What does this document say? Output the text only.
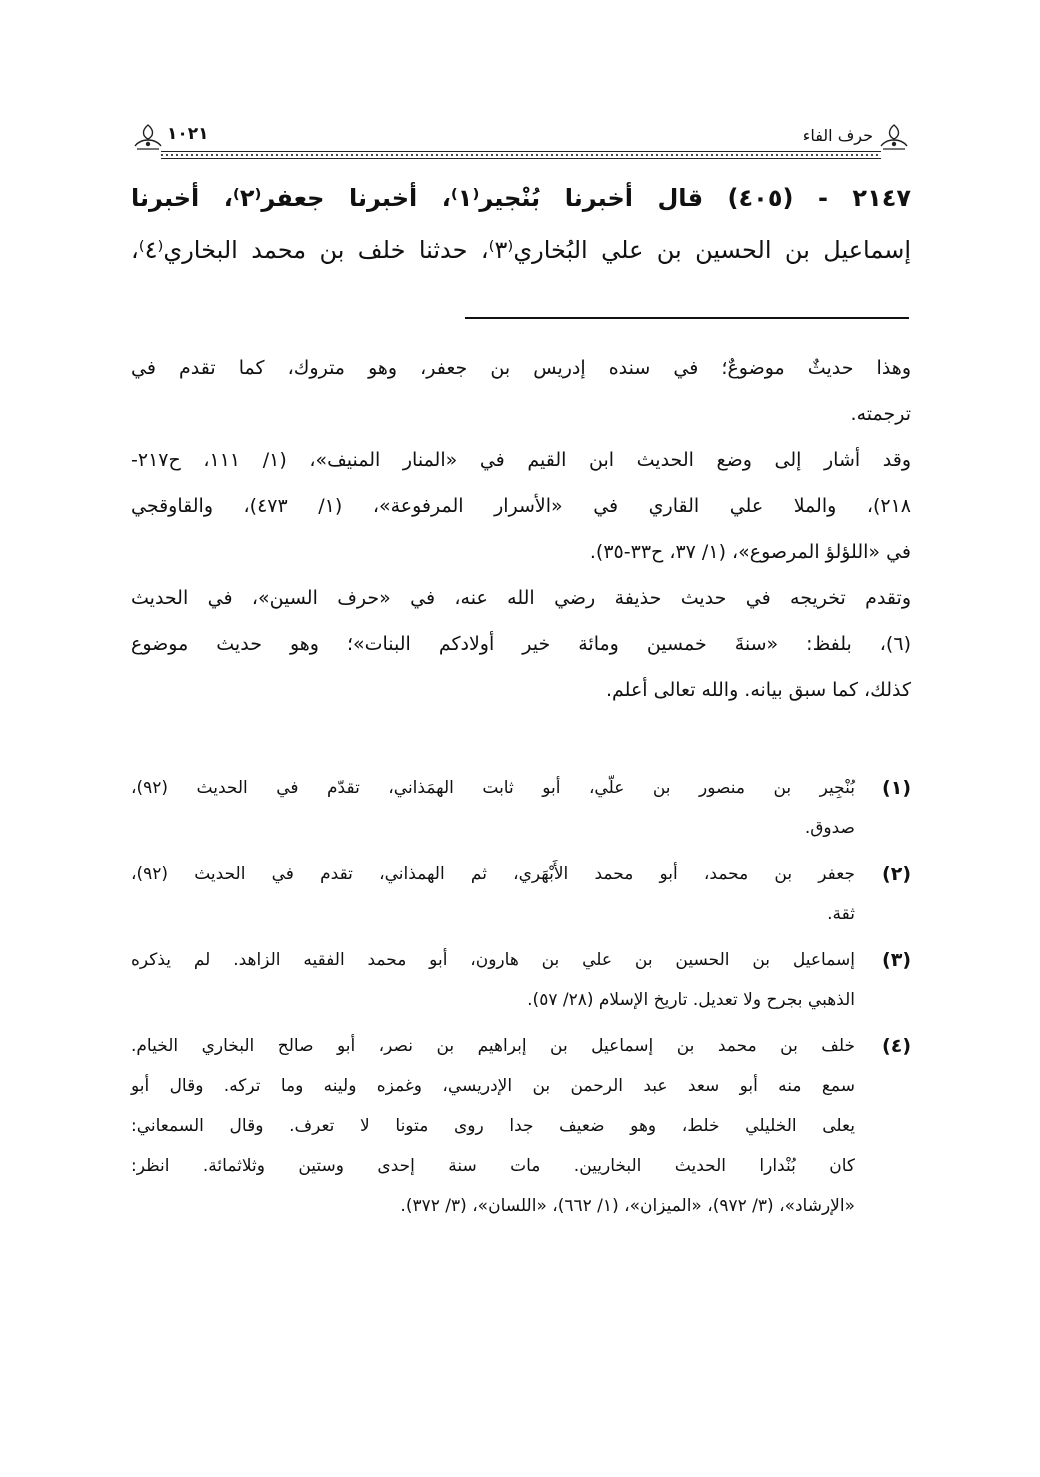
حرف الفاء
١٠٢١
٢١٤٧ - (٤٠٥) قال أخبرنا بُنْجير⁽١⁾، أخبرنا جعفر⁽٢⁾، أخبرنا
إسماعيل بن الحسين بن علي البُخاري⁽٣⁾، حدثنا خلف بن محمد البخاري⁽٤⁾،
وهذا حديثٌ موضوعٌ؛ في سنده إدريس بن جعفر، وهو متروك، كما تقدم في
ترجمته.
وقد أشار إلى وضع الحديث ابن القيم في «المنار المنيف»، (١/ ١١١، ح٢١٧-
٢١٨)، والملا علي القاري في «الأسرار المرفوعة»، (١/ ٤٧٣)، والقاوقجي
في «اللؤلؤ المرصوع»، (١/ ٣٧، ح٣٣-٣٥).
وتقدم تخريجه في حديث حذيفة رضي الله عنه، في «حرف السين»، في الحديث
(٦)، بلفظ: «سنةَ خمسين ومائة خير أولادكم البنات»؛ وهو حديث موضوع
كذلك، كما سبق بيانه. والله تعالى أعلم.
(١)
بُنْجِير بن منصور بن علّي، أبو ثابت الهمَذاني، تقدّم في الحديث (٩٢)،
صدوق.
(٢)
جعفر بن محمد، أبو محمد الأَبْهَري، ثم الهمذاني، تقدم في الحديث (٩٢)،
ثقة.
(٣)
إسماعيل بن الحسين بن علي بن هارون، أبو محمد الفقيه الزاهد. لم يذكره
الذهبي بجرح ولا تعديل. تاريخ الإسلام (٢٨/ ٥٧).
(٤)
خلف بن محمد بن إسماعيل بن إبراهيم بن نصر، أبو صالح البخاري الخيام.
سمع منه أبو سعد عبد الرحمن بن الإدريسي، وغمزه ولينه وما تركه. وقال أبو
يعلى الخليلي خلط، وهو ضعيف جدا روى متونا لا تعرف. وقال السمعاني:
كان بُنْدارا الحديث البخاريين. مات سنة إحدى وستين وثلاثمائة. انظر:
«الإرشاد»، (٣/ ٩٧٢)، «الميزان»، (١/ ٦٦٢)، «اللسان»، (٣/ ٣٧٢).
